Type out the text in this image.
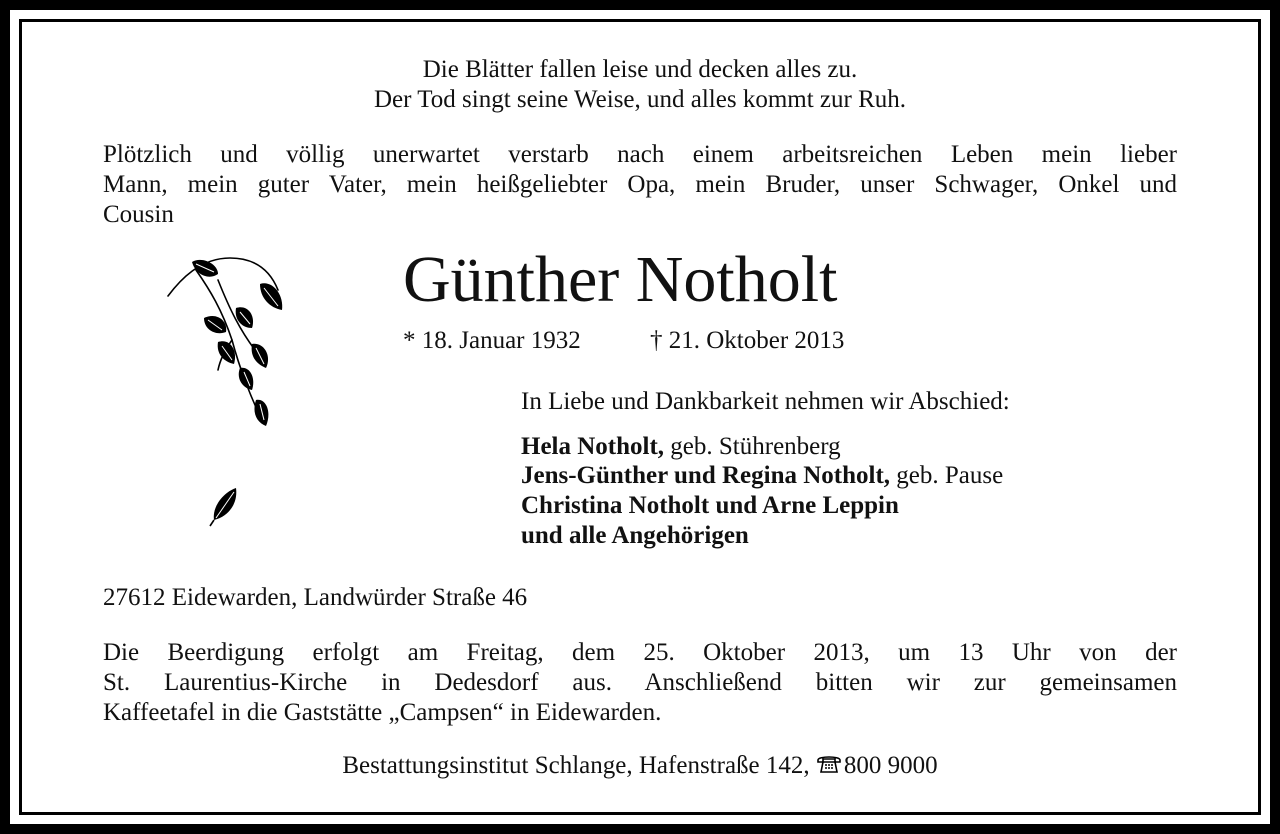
Die Blätter fallen leise und decken alles zu.
Der Tod singt seine Weise, und alles kommt zur Ruh.
Plötzlich und völlig unerwartet verstarb nach einem arbeitsreichen Leben mein lieber
Mann, mein guter Vater, mein heißgeliebter Opa, mein Bruder, unser Schwager, Onkel und
Cousin
Günther Notholt
* 18. Januar 1932	† 21. Oktober 2013
In Liebe und Dankbarkeit nehmen wir Abschied:
Hela Notholt, geb. Stührenberg
Jens-Günther und Regina Notholt, geb. Pause
Christina Notholt und Arne Leppin
und alle Angehörigen
27612 Eidewarden, Landwürder Straße 46
Die Beerdigung erfolgt am Freitag, dem 25. Oktober 2013, um 13 Uhr von der
St. Laurentius-Kirche in Dedesdorf aus. Anschließend bitten wir zur gemeinsamen
Kaffeetafel in die Gaststätte „Campsen“ in Eidewarden.
Bestattungsinstitut Schlange, Hafenstraße 142, 800 9000
